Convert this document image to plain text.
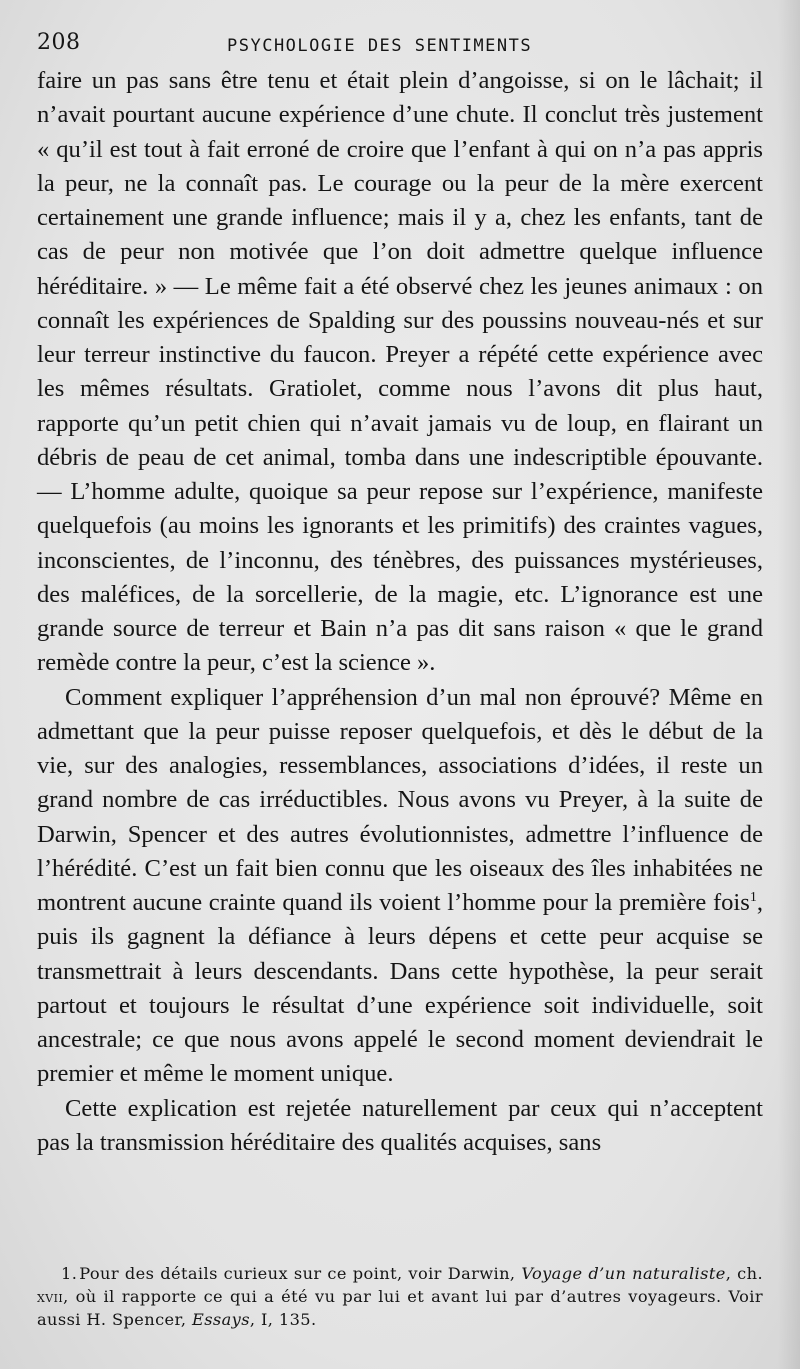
208	PSYCHOLOGIE DES SENTIMENTS

faire un pas sans être tenu et était plein d’angoisse, si on le lâchait; il n’avait pourtant aucune expérience d’une chute. Il conclut très justement « qu’il est tout à fait erroné de croire que l’enfant à qui on n’a pas appris la peur, ne la connaît pas. Le courage ou la peur de la mère exercent certainement une grande influence; mais il y a, chez les enfants, tant de cas de peur non motivée que l’on doit admettre quelque influence héréditaire. » — Le même fait a été observé chez les jeunes animaux : on connaît les expériences de Spalding sur des poussins nouveau-nés et sur leur terreur instinctive du faucon. Preyer a répété cette expérience avec les mêmes résultats. Gratiolet, comme nous l’avons dit plus haut, rapporte qu’un petit chien qui n’avait jamais vu de loup, en flairant un débris de peau de cet animal, tomba dans une indescriptible épouvante. — L’homme adulte, quoique sa peur repose sur l’expérience, manifeste quelquefois (au moins les ignorants et les primitifs) des craintes vagues, inconscientes, de l’inconnu, des ténèbres, des puissances mystérieuses, des maléfices, de la sorcellerie, de la magie, etc. L’ignorance est une grande source de terreur et Bain n’a pas dit sans raison « que le grand remède contre la peur, c’est la science ».

Comment expliquer l’appréhension d’un mal non éprouvé? Même en admettant que la peur puisse reposer quelquefois, et dès le début de la vie, sur des analogies, ressemblances, associations d’idées, il reste un grand nombre de cas irréductibles. Nous avons vu Preyer, à la suite de Darwin, Spencer et des autres évolutionnistes, admettre l’influence de l’hérédité. C’est un fait bien connu que les oiseaux des îles inhabitées ne montrent aucune crainte quand ils voient l’homme pour la première fois$^1$, puis ils gagnent la défiance à leurs dépens et cette peur acquise se transmettrait à leurs descendants. Dans cette hypothèse, la peur serait partout et toujours le résultat d’une expérience soit individuelle, soit ancestrale; ce que nous avons appelé le second moment deviendrait le premier et même le moment unique.

Cette explication est rejetée naturellement par ceux qui n’acceptent pas la transmission héréditaire des qualités acquises, sans

1. Pour des détails curieux sur ce point, voir Darwin, Voyage d’un naturaliste, ch. xvii, où il rapporte ce qui a été vu par lui et avant lui par d’autres voyageurs. Voir aussi H. Spencer, Essays, I, 135.
